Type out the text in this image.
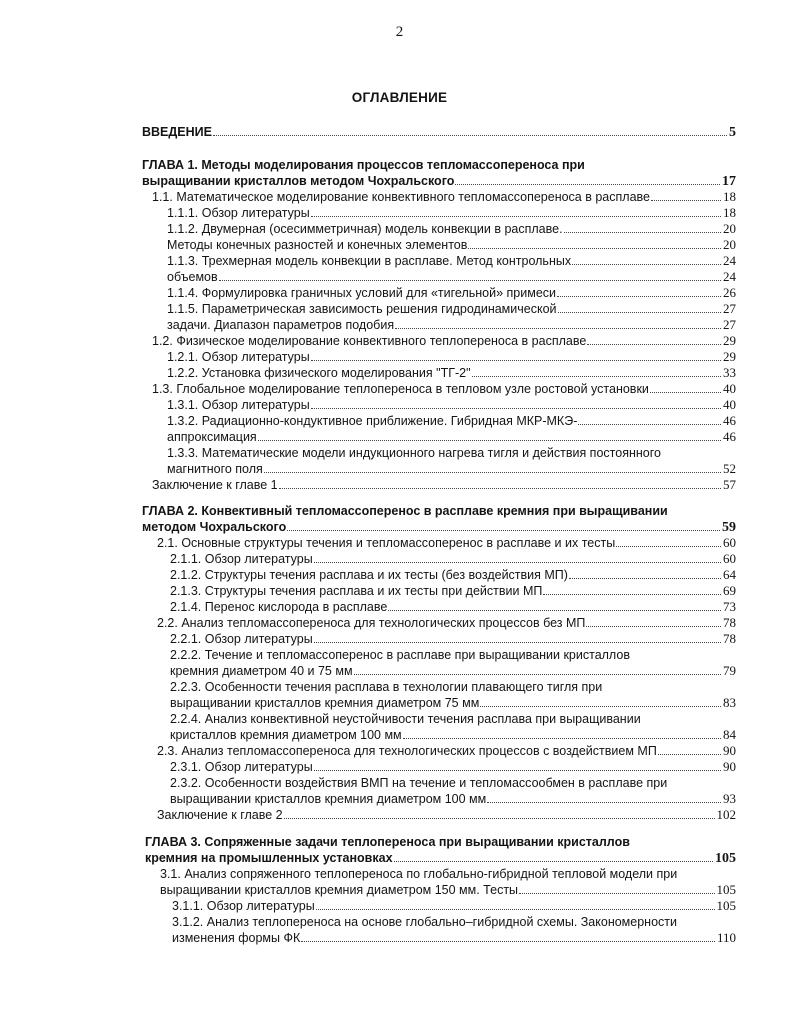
2
ОГЛАВЛЕНИЕ
ВВЕДЕНИЕ	5
ГЛАВА 1. Методы моделирования процессов тепломассопереноса при
выращивании кристаллов методом Чохральского	17
1.1. Математическое моделирование конвективного тепломассопереноса в расплаве	18
1.1.1. Обзор литературы	18
1.1.2. Двумерная (осесимметричная) модель конвекции в расплаве.	20
Методы конечных разностей и конечных элементов	20
1.1.3. Трехмерная модель конвекции в расплаве. Метод контрольных	24
объемов	24
1.1.4. Формулировка граничных условий для «тигельной» примеси	26
1.1.5. Параметрическая зависимость решения гидродинамической	27
задачи. Диапазон параметров подобия	27
1.2. Физическое моделирование конвективного теплопереноса в расплаве	29
1.2.1. Обзор литературы	29
1.2.2. Установка физического моделирования "ТГ-2"	33
1.3. Глобальное моделирование теплопереноса в тепловом узле ростовой установки	40
1.3.1. Обзор литературы	40
1.3.2. Радиационно-кондуктивное приближение. Гибридная МКР-МКЭ-	46
аппроксимация	46
1.3.3. Математические модели индукционного нагрева тигля и действия постоянного
магнитного поля	52
Заключение к главе 1	57
ГЛАВА 2. Конвективный тепломассоперенос в расплаве кремния при выращивании
методом Чохральского	59
2.1. Основные структуры течения и тепломассоперенос в расплаве и их тесты	60
2.1.1. Обзор литературы	60
2.1.2. Структуры течения расплава и их тесты (без воздействия МП)	64
2.1.3. Структуры течения расплава и их тесты при действии МП	69
2.1.4. Перенос кислорода в расплаве	73
2.2. Анализ тепломассопереноса для технологических процессов без МП	78
2.2.1. Обзор литературы	78
2.2.2. Течение и тепломассоперенос в расплаве при выращивании кристаллов
кремния диаметром 40 и 75 мм	79
2.2.3. Особенности течения расплава в технологии плавающего тигля при
выращивании кристаллов кремния диаметром 75 мм	83
2.2.4. Анализ конвективной неустойчивости течения расплава при выращивании
кристаллов кремния диаметром 100 мм	84
2.3. Анализ тепломассопереноса для технологических процессов с воздействием МП	90
2.3.1. Обзор литературы	90
2.3.2. Особенности воздействия ВМП на течение и тепломассообмен в расплаве при
выращивании кристаллов кремния диаметром 100 мм	93
Заключение к главе 2	102
ГЛАВА 3. Сопряженные задачи теплопереноса при выращивании кристаллов
кремния на промышленных установках	105
3.1. Анализ сопряженного теплопереноса по глобально-гибридной тепловой модели при
выращивании кристаллов кремния диаметром 150 мм. Тесты	105
3.1.1. Обзор литературы	105
3.1.2. Анализ теплопереноса на основе глобально–гибридной схемы. Закономерности
изменения формы ФК	110
